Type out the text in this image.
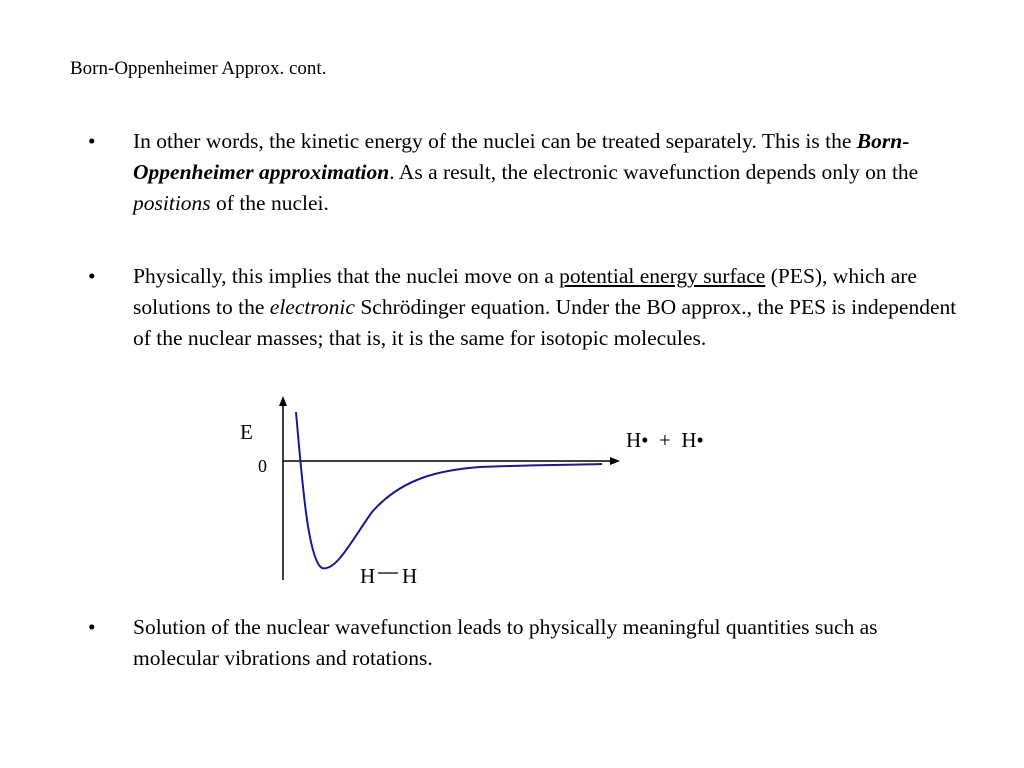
Born-Oppenheimer Approx. cont.
• In other words, the kinetic energy of the nuclei can be treated separately. This is the Born-Oppenheimer approximation. As a result, the electronic wavefunction depends only on the positions of the nuclei.
• Physically, this implies that the nuclei move on a potential energy surface (PES), which are solutions to the electronic Schrödinger equation. Under the BO approx., the PES is independent of the nuclear masses; that is, it is the same for isotopic molecules.
• Solution of the nuclear wavefunction leads to physically meaningful quantities such as molecular vibrations and rotations.
E
0
H•  +  H•
H H
